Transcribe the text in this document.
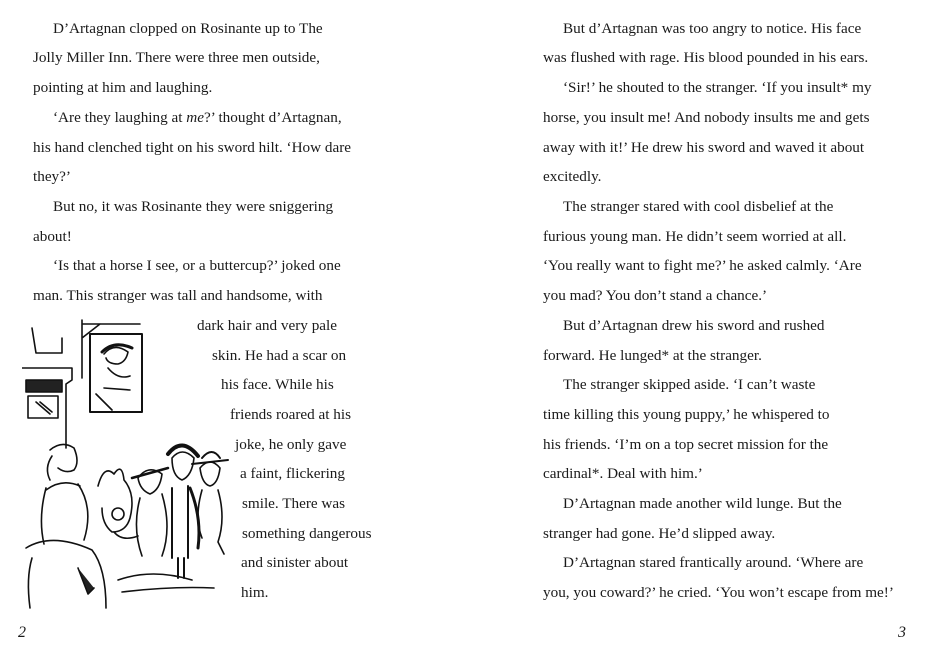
D’Artagnan clopped on Rosinante up to The
Jolly Miller Inn. There were three men outside,
pointing at him and laughing.
‘Are they laughing at me?’ thought d’Artagnan,
his hand clenched tight on his sword hilt. ‘How dare
they?’
But no, it was Rosinante they were sniggering
about!
‘Is that a horse I see, or a buttercup?’ joked one
man. This stranger was tall and handsome, with
dark hair and very pale
skin. He had a scar on
his face. While his
friends roared at his
joke, he only gave
a faint, flickering
smile. There was
something dangerous
and sinister about
him.
2
But d’Artagnan was too angry to notice. His face
was flushed with rage. His blood pounded in his ears.
‘Sir!’ he shouted to the stranger. ‘If you insult* my
horse, you insult me! And nobody insults me and gets
away with it!’ He drew his sword and waved it about
excitedly.
The stranger stared with cool disbelief at the
furious young man. He didn’t seem worried at all.
‘You really want to fight me?’ he asked calmly. ‘Are
you mad? You don’t stand a chance.’
But d’Artagnan drew his sword and rushed
forward. He lunged* at the stranger.
The stranger skipped aside. ‘I can’t waste
time killing this young puppy,’ he whispered to
his friends. ‘I’m on a top secret mission for the
cardinal*. Deal with him.’
D’Artagnan made another wild lunge. But the
stranger had gone. He’d slipped away.
D’Artagnan stared frantically around. ‘Where are
you, you coward?’ he cried. ‘You won’t escape from me!’
3
